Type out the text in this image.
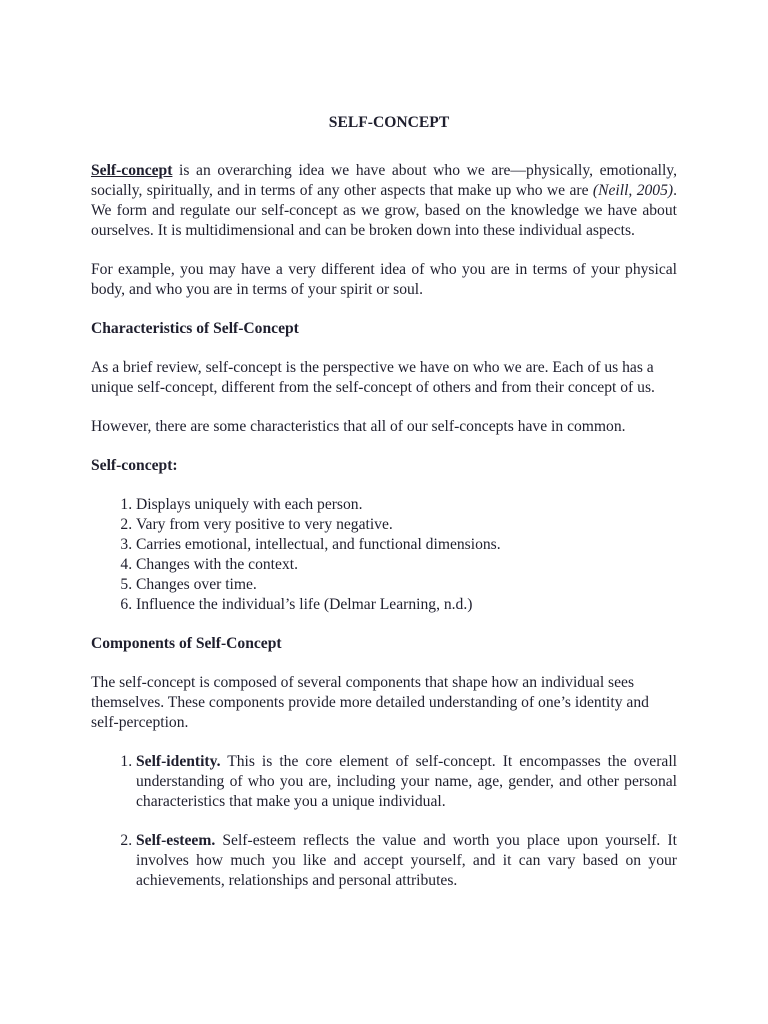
SELF-CONCEPT

Self-concept is an overarching idea we have about who we are—physically, emotionally, socially, spiritually, and in terms of any other aspects that make up who we are (Neill, 2005). We form and regulate our self-concept as we grow, based on the knowledge we have about ourselves. It is multidimensional and can be broken down into these individual aspects.

For example, you may have a very different idea of who you are in terms of your physical body, and who you are in terms of your spirit or soul.

Characteristics of Self-Concept

As a brief review, self-concept is the perspective we have on who we are. Each of us has a unique self-concept, different from the self-concept of others and from their concept of us.

However, there are some characteristics that all of our self-concepts have in common.

Self-concept:

1. Displays uniquely with each person.
2. Vary from very positive to very negative.
3. Carries emotional, intellectual, and functional dimensions.
4. Changes with the context.
5. Changes over time.
6. Influence the individual’s life (Delmar Learning, n.d.)

Components of Self-Concept

The self-concept is composed of several components that shape how an individual sees themselves. These components provide more detailed understanding of one’s identity and self-perception.

1. Self-identity. This is the core element of self-concept. It encompasses the overall understanding of who you are, including your name, age, gender, and other personal characteristics that make you a unique individual.
2. Self-esteem. Self-esteem reflects the value and worth you place upon yourself. It involves how much you like and accept yourself, and it can vary based on your achievements, relationships and personal attributes.
